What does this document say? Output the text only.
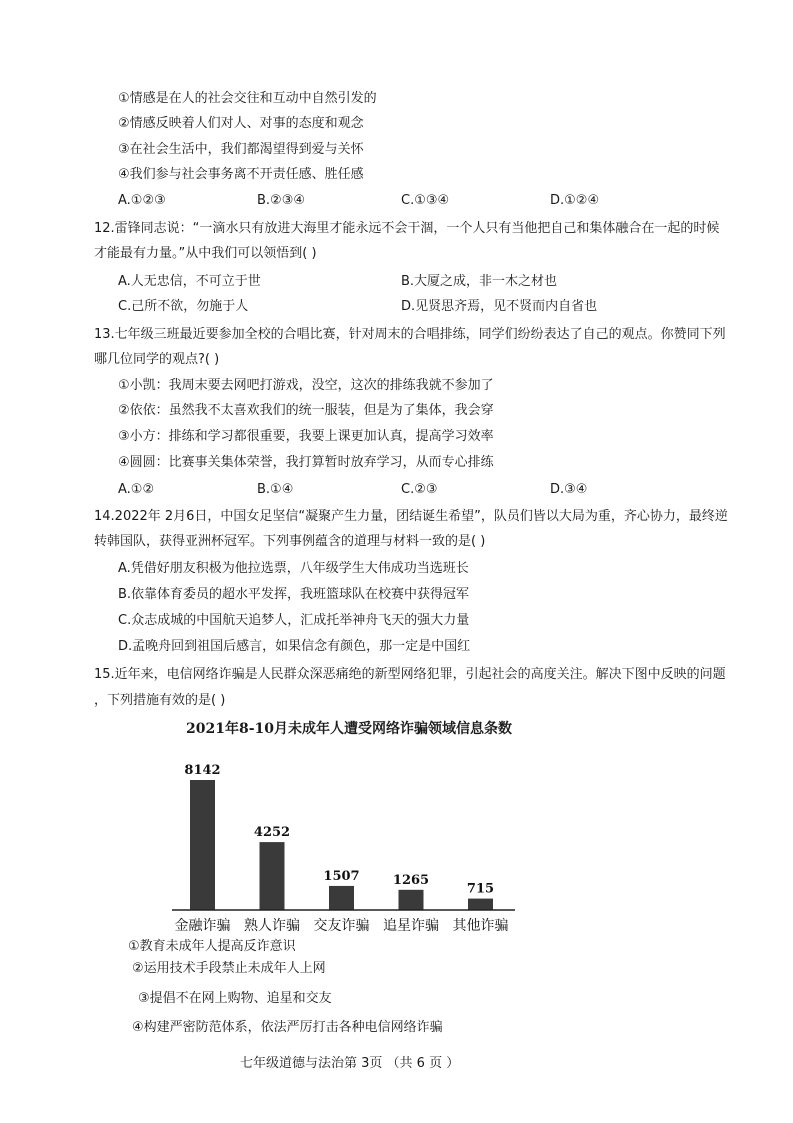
①情感是在人的社会交往和互动中自然引发的
②情感反映着人们对人、对事的态度和观念
③在社会生活中，我们都渴望得到爱与关怀
④我们参与社会事务离不开责任感、胜任感
A.①②③	B.②③④	C.①③④	D.①②④
12.雷锋同志说：“一滴水只有放进大海里才能永远不会干涸，一个人只有当他把自己和集体融合在一起的时候
才能最有力量。”从中我们可以领悟到( )
A.人无忠信，不可立于世	B.大厦之成，非一木之材也
C.己所不欲，勿施于人	D.见贤思齐焉，见不贤而内自省也
13.七年级三班最近要参加全校的合唱比赛，针对周末的合唱排练，同学们纷纷表达了自己的观点。你赞同下列
哪几位同学的观点?( )
①小凯：我周末要去网吧打游戏，没空，这次的排练我就不参加了
②依依：虽然我不太喜欢我们的统一服装，但是为了集体，我会穿
③小方：排练和学习都很重要，我要上课更加认真，提高学习效率
④圆圆：比赛事关集体荣誉，我打算暂时放弃学习，从而专心排练
A.①②	B.①④	C.②③	D.③④
14.2022年 2月6日，中国女足坚信“凝聚产生力量，团结诞生希望”，队员们皆以大局为重，齐心协力，最终逆
转韩国队，获得亚洲杯冠军。下列事例蕴含的道理与材料一致的是( )
A.凭借好朋友积极为他拉选票，八年级学生大伟成功当选班长
B.依靠体育委员的超水平发挥，我班篮球队在校赛中获得冠军
C.众志成城的中国航天追梦人，汇成托举神舟飞天的强大力量
D.孟晚舟回到祖国后感言，如果信念有颜色，那一定是中国红
15.近年来，电信网络诈骗是人民群众深恶痛绝的新型网络犯罪，引起社会的高度关注。解决下图中反映的问题
，下列措施有效的是( )
2021年8-10月未成年人遭受网络诈骗领域信息条数
8142
金融诈骗
4252
熟人诈骗
1507
交友诈骗
1265
追星诈骗
715
其他诈骗
①教育未成年人提高反诈意识
②运用技术手段禁止未成年人上网
③提倡不在网上购物、追星和交友
④构建严密防范体系，依法严厉打击各种电信网络诈骗
七年级道德与法治第 3页 （共 6 页 ）
